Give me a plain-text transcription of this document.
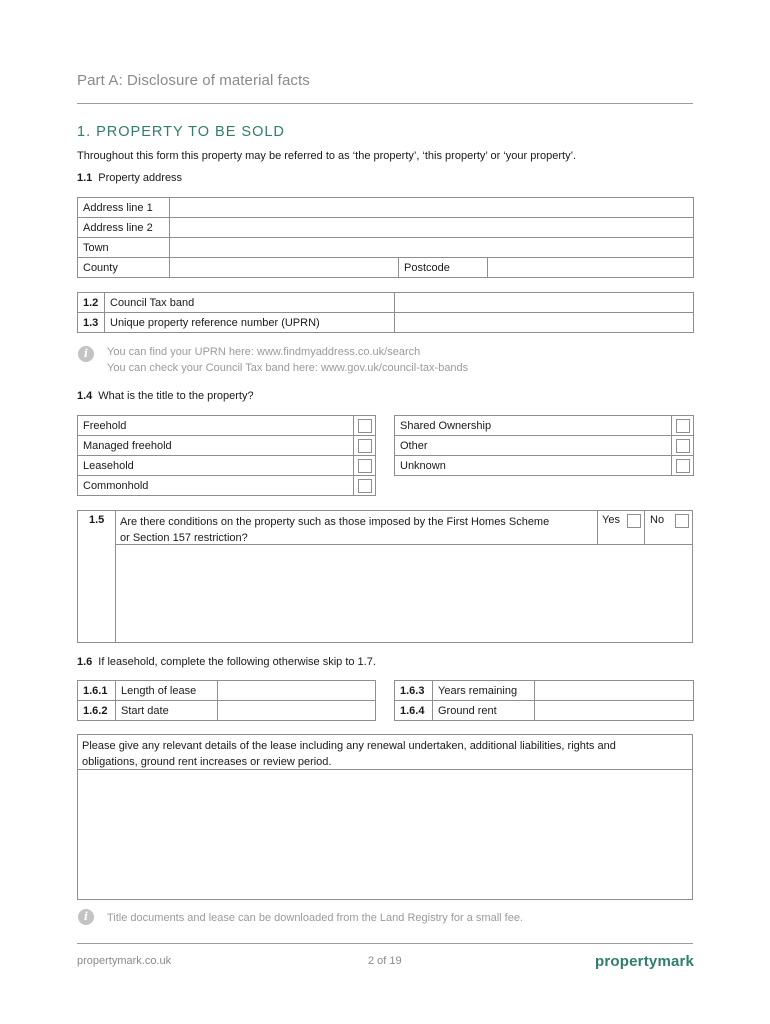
Part A: Disclosure of material facts
1. PROPERTY TO BE SOLD
Throughout this form this property may be referred to as ‘the property’, ‘this property’ or ‘your property’.
1.1 Property address
Address line 1			
Address line 2			
Town			
County		Postcode	
1.2	Council Tax band	
1.3	Unique property reference number (UPRN)	
i	You can find your UPRN here: www.findmyaddress.co.uk/search
You can check your Council Tax band here: www.gov.uk/council-tax-bands
1.4 What is the title to the property?
Freehold	
Managed freehold	
Leasehold	
Commonhold	
Shared Ownership	
Other	
Unknown	
1.5 Are there conditions on the property such as those imposed by the First Homes Scheme
or Section 157 restriction?
Yes	No
1.6 If leasehold, complete the following otherwise skip to 1.7.
1.6.1	Length of lease	
1.6.2	Start date	
1.6.3	Years remaining	
1.6.4	Ground rent	
Please give any relevant details of the lease including any renewal undertaken, additional liabilities, rights and
obligations, ground rent increases or review period.
i	Title documents and lease can be downloaded from the Land Registry for a small fee.
propertymark.co.uk	2 of 19	propertymark
